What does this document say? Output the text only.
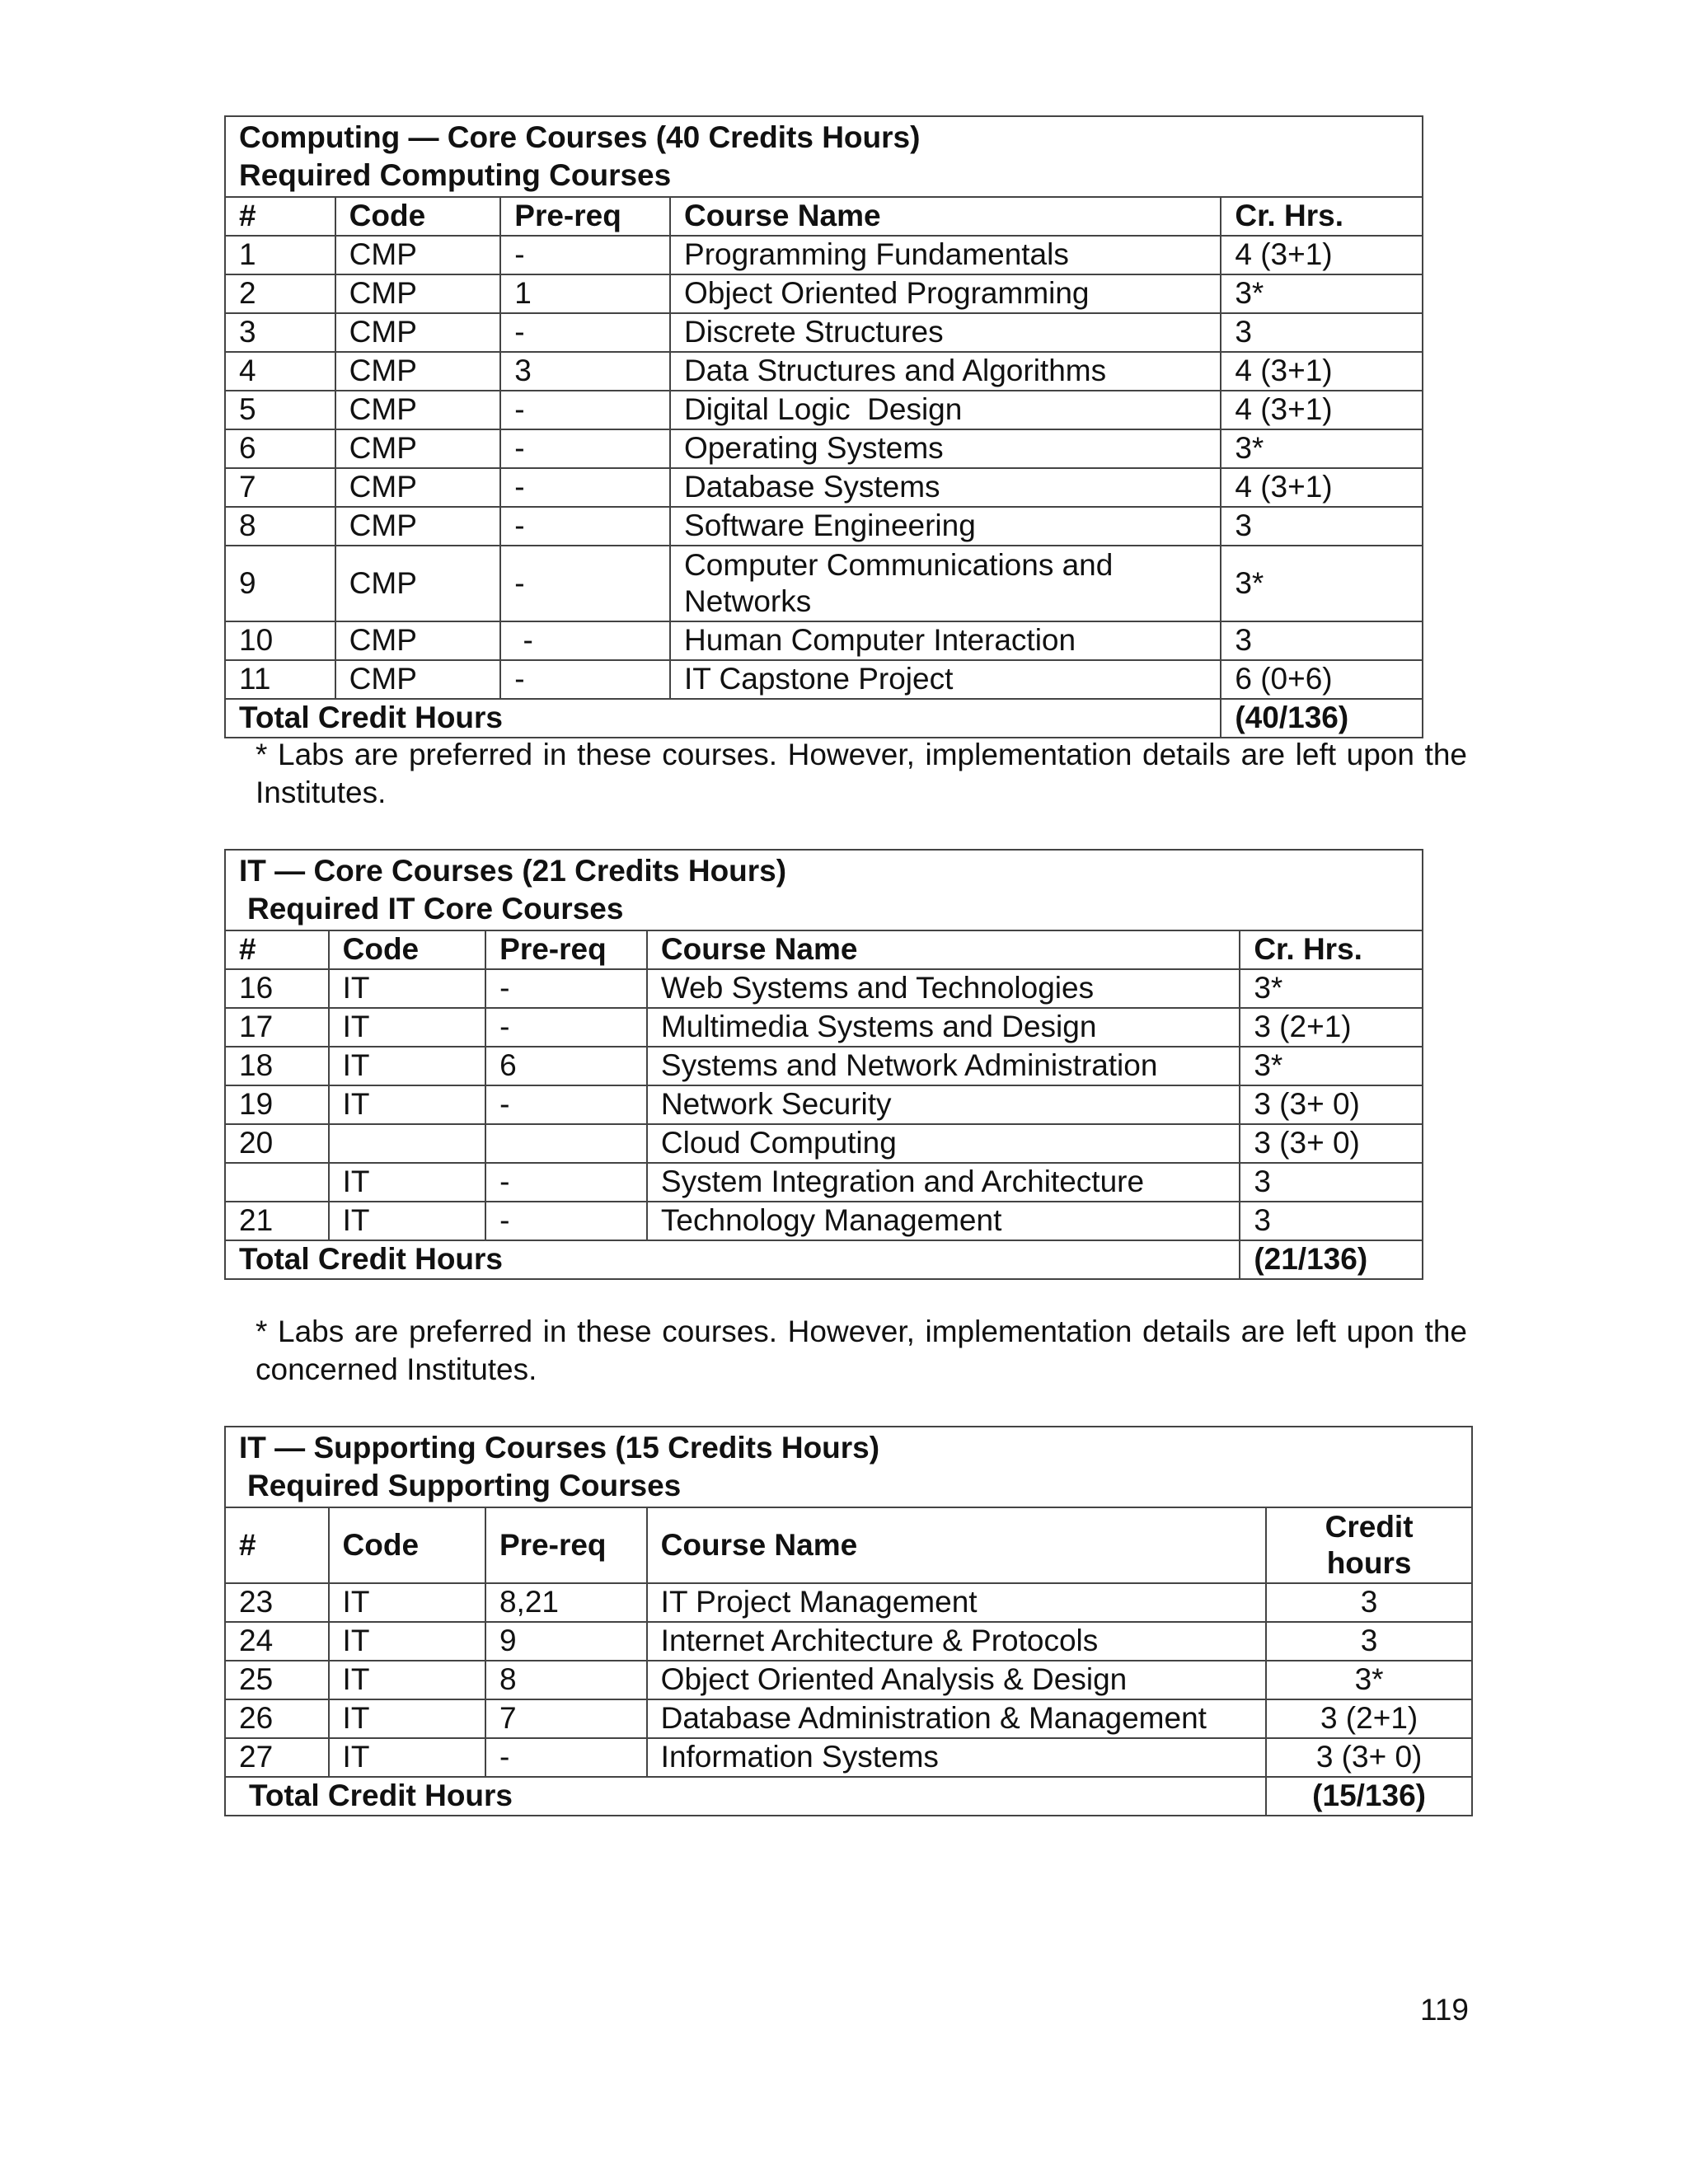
Computing — Core Courses (40 Credits Hours)
Required Computing Courses				

#	Code	Pre-req	Course Name	Cr. Hrs.
1	CMP	-	Programming Fundamentals	4 (3+1)
2	CMP	1	Object Oriented Programming	3*
3	CMP	-	Discrete Structures	3
4	CMP	3	Data Structures and Algorithms	4 (3+1)
5	CMP	-	Digital Logic  Design	4 (3+1)
6	CMP	-	Operating Systems	3*
7	CMP	-	Database Systems	4 (3+1)
8	CMP	-	Software Engineering	3
9	CMP	-	Computer Communications and Networks	3*
10	CMP	-	Human Computer Interaction	3
11	CMP	-	IT Capstone Project	6 (0+6)
Total Credit Hours				(40/136)
* Labs are preferred in these courses. However, implementation details are left upon the Institutes.
IT — Core Courses (21 Credits Hours)
Required IT Core Courses				

#	Code	Pre-req	Course Name	Cr. Hrs.
16	IT	-	Web Systems and Technologies	3*
17	IT	-	Multimedia Systems and Design	3 (2+1)
18	IT	6	Systems and Network Administration	3*
19	IT	-	Network Security	3 (3+ 0)
20			Cloud Computing	3 (3+ 0)
	IT	-	System Integration and Architecture	3
21	IT	-	Technology Management	3
Total Credit Hours				(21/136)
* Labs are preferred in these courses. However, implementation details are left upon the concerned Institutes.
IT — Supporting Courses (15 Credits Hours)
Required Supporting Courses				

#	Code	Pre-req	Course Name	Credit hours
23	IT	8,21	IT Project Management	3
24	IT	9	Internet Architecture & Protocols	3
25	IT	8	Object Oriented Analysis & Design	3*
26	IT	7	Database Administration & Management	3 (2+1)
27	IT	-	Information Systems	3 (3+ 0)
Total Credit Hours				(15/136)
119
